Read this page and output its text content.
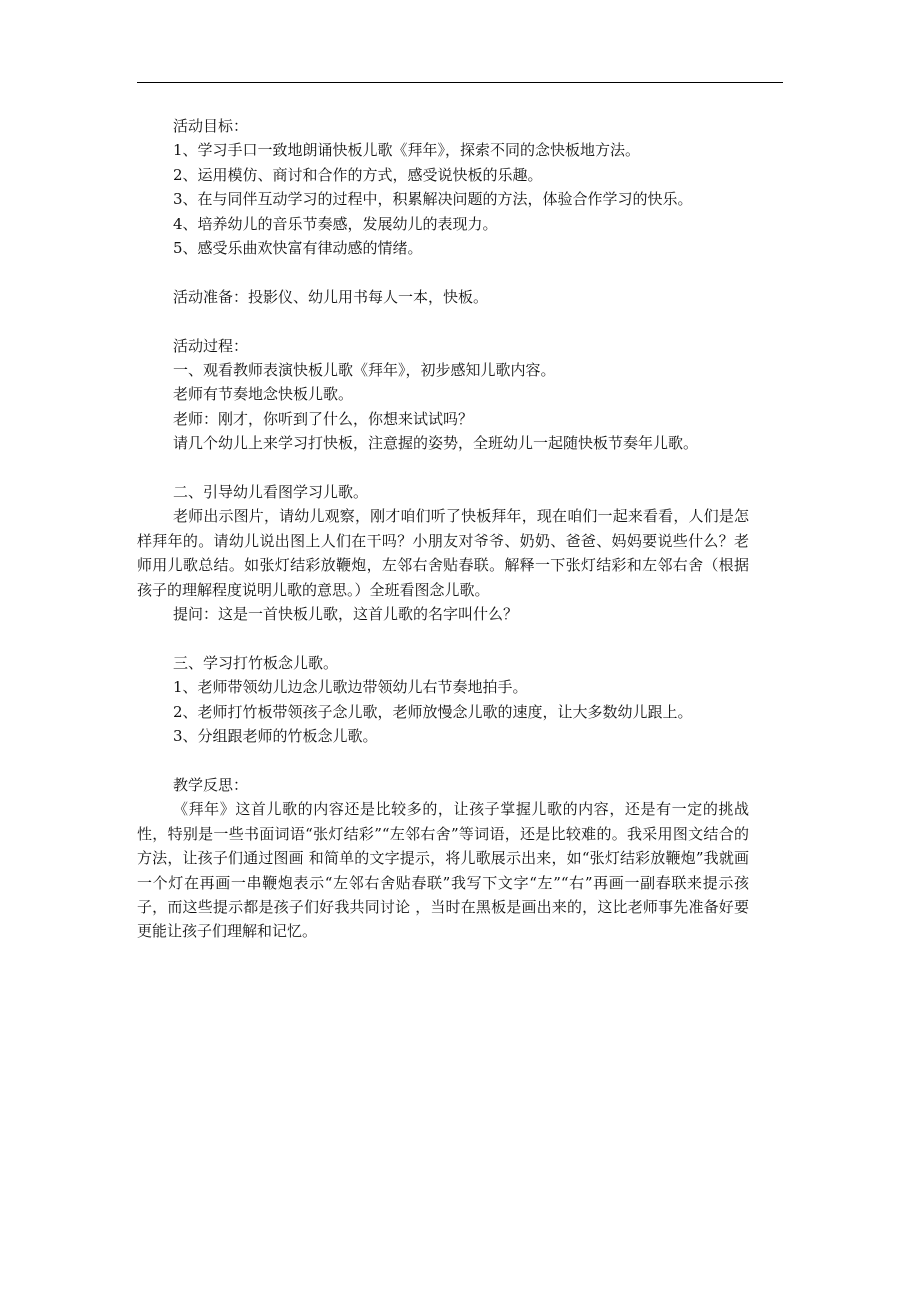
活动目标：

1、学习手口一致地朗诵快板儿歌《拜年》，探索不同的念快板地方法。

2、运用模仿、商讨和合作的方式，感受说快板的乐趣。

3、在与同伴互动学习的过程中，积累解决问题的方法，体验合作学习的快乐。

4、培养幼儿的音乐节奏感，发展幼儿的表现力。

5、感受乐曲欢快富有律动感的情绪。

活动准备：投影仪、幼儿用书每人一本，快板。

活动过程：

一、观看教师表演快板儿歌《拜年》，初步感知儿歌内容。

老师有节奏地念快板儿歌。

老师：刚才，你听到了什么，你想来试试吗？

请几个幼儿上来学习打快板，注意握的姿势，全班幼儿一起随快板节奏年儿歌。

二、引导幼儿看图学习儿歌。

老师出示图片，请幼儿观察，刚才咱们听了快板拜年，现在咱们一起来看看，人们是怎样拜年的。请幼儿说出图上人们在干吗？小朋友对爷爷、奶奶、爸爸、妈妈要说些什么？老师用儿歌总结。如张灯结彩放鞭炮，左邻右舍贴春联。解释一下张灯结彩和左邻右舍（根据孩子的理解程度说明儿歌的意思。）全班看图念儿歌。

提问：这是一首快板儿歌，这首儿歌的名字叫什么？

三、学习打竹板念儿歌。

1、老师带领幼儿边念儿歌边带领幼儿右节奏地拍手。

2、老师打竹板带领孩子念儿歌，老师放慢念儿歌的速度，让大多数幼儿跟上。

3、分组跟老师的竹板念儿歌。

教学反思：

《拜年》这首儿歌的内容还是比较多的，让孩子掌握儿歌的内容，还是有一定的挑战性，特别是一些书面词语“张灯结彩”“左邻右舍”等词语，还是比较难的。我采用图文结合的方法，让孩子们通过图画 和简单的文字提示，将儿歌展示出来，如“张灯结彩放鞭炮”我就画一个灯在再画一串鞭炮表示“左邻右舍贴春联”我写下文字“左”“右”再画一副春联来提示孩子，而这些提示都是孩子们好我共同讨论 ，当时在黑板是画出来的，这比老师事先准备好要更能让孩子们理解和记忆。
